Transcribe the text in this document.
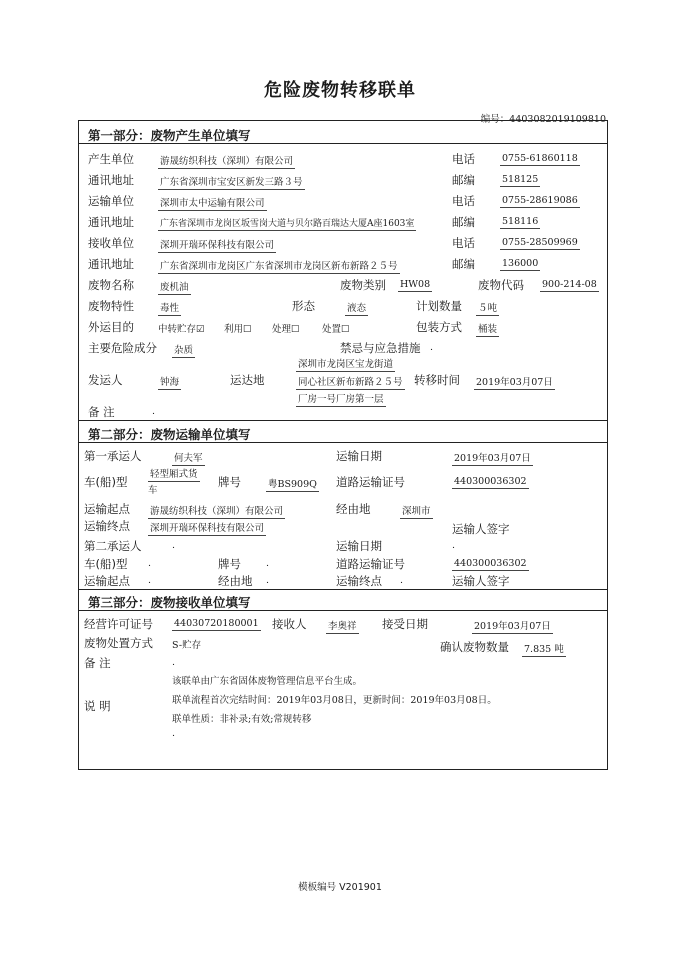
危险废物转移联单
编号：4403082019109810
第一部分：废物产生单位填写
产生单位	游晟纺织科技（深圳）有限公司	电话	0755-61860118
通讯地址	广东省深圳市宝安区新发三路３号	邮编	518125
运输单位	深圳市太中运输有限公司	电话	0755-28619086
通讯地址	广东省深圳市龙岗区坂雪岗大道与贝尔路百瑞达大厦A座1603室	邮编	518116
接收单位	深圳开瑞环保科技有限公司	电话	0755-28509969
通讯地址	广东省深圳市龙岗区广东省深圳市龙岗区新布新路２５号	邮编	136000
废物名称	废机油	废物类别 HW08	废物代码 900-214-08
废物特性	毒性	形态	液态	计划数量 ５吨
外运目的	中转贮存☑ 利用☐ 处理☐ 处置☐	包装方式 桶装
主要危险成分 杂质	禁忌与应急措施 .
发运人	钟海	运达地
深圳市龙岗区宝龙街道
同心社区新布新路２５号
厂房一号厂房第一层
转移时间 2019年03月07日
备 注	.
第二部分：废物运输单位填写
第一承运人	何夫军	运输日期	2019年03月07日
车(船)型
轻型厢式货
车
牌号	粤BS909Q 道路运输证号	440300036302
运输起点 游晟纺织科技（深圳）有限公司	经由地	深圳市
运输终点 深圳开瑞环保科技有限公司	运输人签字
第二承运人	.	运输日期	.
车(船)型 .	牌号	.	道路运输证号	440300036302
运输起点 .	经由地 .	运输终点 .	运输人签字
第三部分：废物接收单位填写
经营许可证号 44030720180001 接收人 李奥祥 接受日期	2019年03月07日
废物处置方式 S-贮存	确认废物数量 7.835 吨
备 注	.
说 明
该联单由广东省固体废物管理信息平台生成。
联单流程首次完结时间：2019年03月08日，更新时间：2019年03月08日。
联单性质：非补录;有效;常规转移
.
模板编号 V201901
